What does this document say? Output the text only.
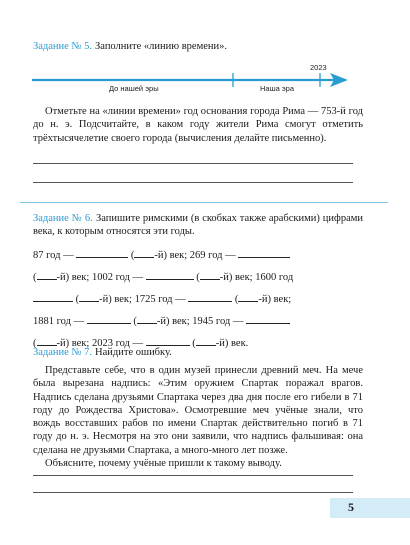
Задание № 5. Заполните «линию времени».
2023
До нашей эры	Наша эра

Отметьте на «линии времени» год основания города Рима — 753-й год до н. э. Подсчитайте, в каком году жители Рима смогут отметить трёхтысячелетие своего города (вычисления делайте письменно).

Задание № 6. Запишите римскими (в скобках также арабскими) цифрами века, к которым относятся эти годы.
87 год —	( -й) век; 269 год —
( -й) век; 1002 год —	( -й) век; 1600 год
( -й) век; 1725 год —	( -й) век;
1881 год —	( -й) век; 1945 год —
( -й) век; 2023 год —	( -й) век.
Задание № 7. Найдите ошибку.

Представьте себе, что в один музей принесли древний меч. На мече была вырезана надпись: «Этим оружием Спартак поражал врагов. Надпись сделана друзьями Спартака через два дня после его гибели в 71 году до Рождества Христова». Осмотревшие меч учёные знали, что вождь восставших рабов по имени Спартак действительно погиб в 71 году до н. э. Несмотря на это они заявили, что надпись фальшивая: она сделана не друзьями Спартака, а много-много лет позже.

Объясните, почему учёные пришли к такому выводу.

5
